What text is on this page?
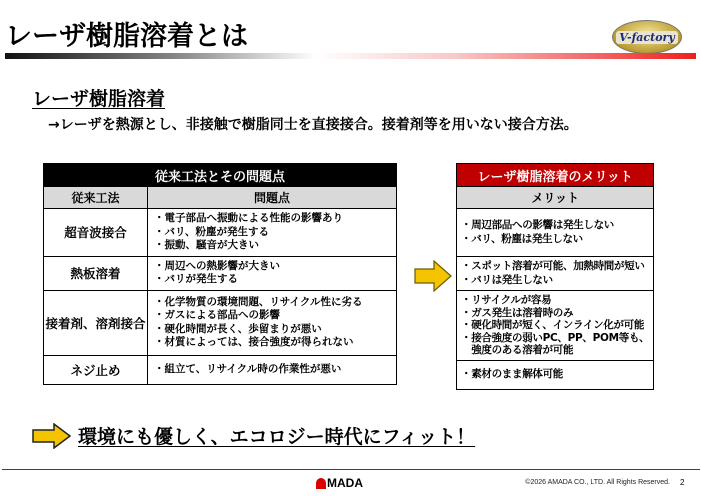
レーザ樹脂溶着とは	V-factory
レーザ樹脂溶着
→レーザを熱源とし、非接触で樹脂同士を直接接合。接着剤等を用いない接合方法。
従来工法とその問題点	
従来工法	問題点
超音波接合	・電子部品へ振動による性能の影響あり
・バリ、粉塵が発生する
・振動、騒音が大きい

熱板溶着	・周辺への熱影響が大きい
・バリが発生する

接着剤、溶剤接合	・化学物質の環境問題、リサイクル性に劣る
・ガスによる部品への影響
・硬化時間が長く、歩留まりが悪い
・材質によっては、接合強度が得られない

ネジ止め	・組立て、リサイクル時の作業性が悪い
レーザ樹脂溶着のメリット
メリット

・周辺部品への影響は発生しない
・バリ、粉塵は発生しない

・スポット溶着が可能、加熱時間が短い
・バリは発生しない

・リサイクルが容易
・ガス発生は溶着時のみ
・硬化時間が短く、インライン化が可能
・接合強度の弱いPC、PP、POM等も、
　強度のある溶着が可能

・素材のまま解体可能
環境にも優しく、エコロジー時代にフィット！
MADA	©2026 AMADA CO., LTD. All Rights Reserved. 2
